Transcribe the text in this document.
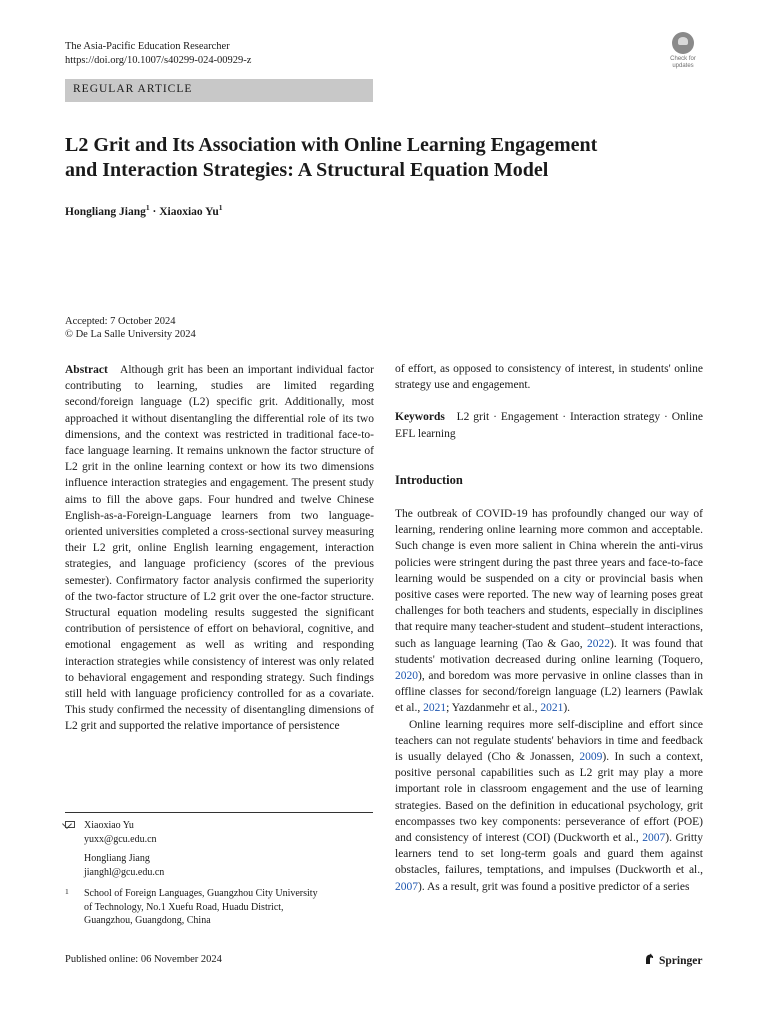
The Asia-Pacific Education Researcher
https://doi.org/10.1007/s40299-024-00929-z	Check for
updates
REGULAR ARTICLE
L2 Grit and Its Association with Online Learning Engagement
and Interaction Strategies: A Structural Equation Model
Hongliang Jiang$^1$ · Xiaoxiao Yu$^1$
Accepted: 7 October 2024
© De La Salle University 2024

Abstract Although grit has been an important individual factor contributing to learning, studies are limited regarding second/foreign language (L2) specific grit. Additionally, most approached it without disentangling the differential role of its two dimensions, and the context was restricted in traditional face-to-face language learning. It remains unknown the factor structure of L2 grit in the online learning context or how its two dimensions influence interaction strategies and engagement. The present study aims to fill the above gaps. Four hundred and twelve Chinese English-as-a-Foreign-Language learners from two language-oriented universities completed a cross-sectional survey measuring their L2 grit, online English learning engagement, interaction strategies, and language proficiency (scores of the previous semester). Confirmatory factor analysis confirmed the superiority of the two-factor structure of L2 grit over the one-factor structure. Structural equation modeling results suggested the significant contribution of persistence of effort on behavioral, cognitive, and emotional engagement as well as writing and responding interaction strategies while consistency of interest was only related to behavioral engagement and responding strategy. Such findings still held with language proficiency controlled for as a covariate. This study confirmed the necessity of disentangling dimensions of L2 grit and supported the relative importance of persistence

Xiaoxiao Yu
yuxx@gcu.edu.cn
Hongliang Jiang
jianghl@gcu.edu.cn
1 School of Foreign Languages, Guangzhou City University
of Technology, No.1 Xuefu Road, Huadu District,
Guangzhou, Guangdong, China

of effort, as opposed to consistency of interest, in students' online strategy use and engagement.

Keywords L2 grit · Engagement · Interaction strategy · Online EFL learning

Introduction

The outbreak of COVID-19 has profoundly changed our way of learning, rendering online learning more common and acceptable. Such change is even more salient in China wherein the anti-virus policies were stringent during the past three years and face-to-face learning would be suspended on a city or provincial basis when positive cases were reported. The new way of learning poses great challenges for both teachers and students, especially in disciplines that require many teacher-student and student–student interactions, such as language learning (Tao & Gao, 2022). It was found that students' motivation decreased during online learning (Toquero, 2020), and boredom was more pervasive in online classes than in offline classes for second/foreign language (L2) learners (Pawlak et al., 2021; Yazdanmehr et al., 2021).

Online learning requires more self-discipline and effort since teachers can not regulate students' behaviors in time and feedback is usually delayed (Cho & Jonassen, 2009). In such a context, positive personal capabilities such as L2 grit may play a more important role in classroom engagement and the use of learning strategies. Based on the definition in educational psychology, grit encompasses two key components: perseverance of effort (POE) and consistency of interest (COI) (Duckworth et al., 2007). Gritty learners tend to set long-term goals and guard them against obstacles, failures, temptations, and impulses (Duckworth et al., 2007). As a result, grit was found a positive predictor of a series

Published online: 06 November 2024	Springer
